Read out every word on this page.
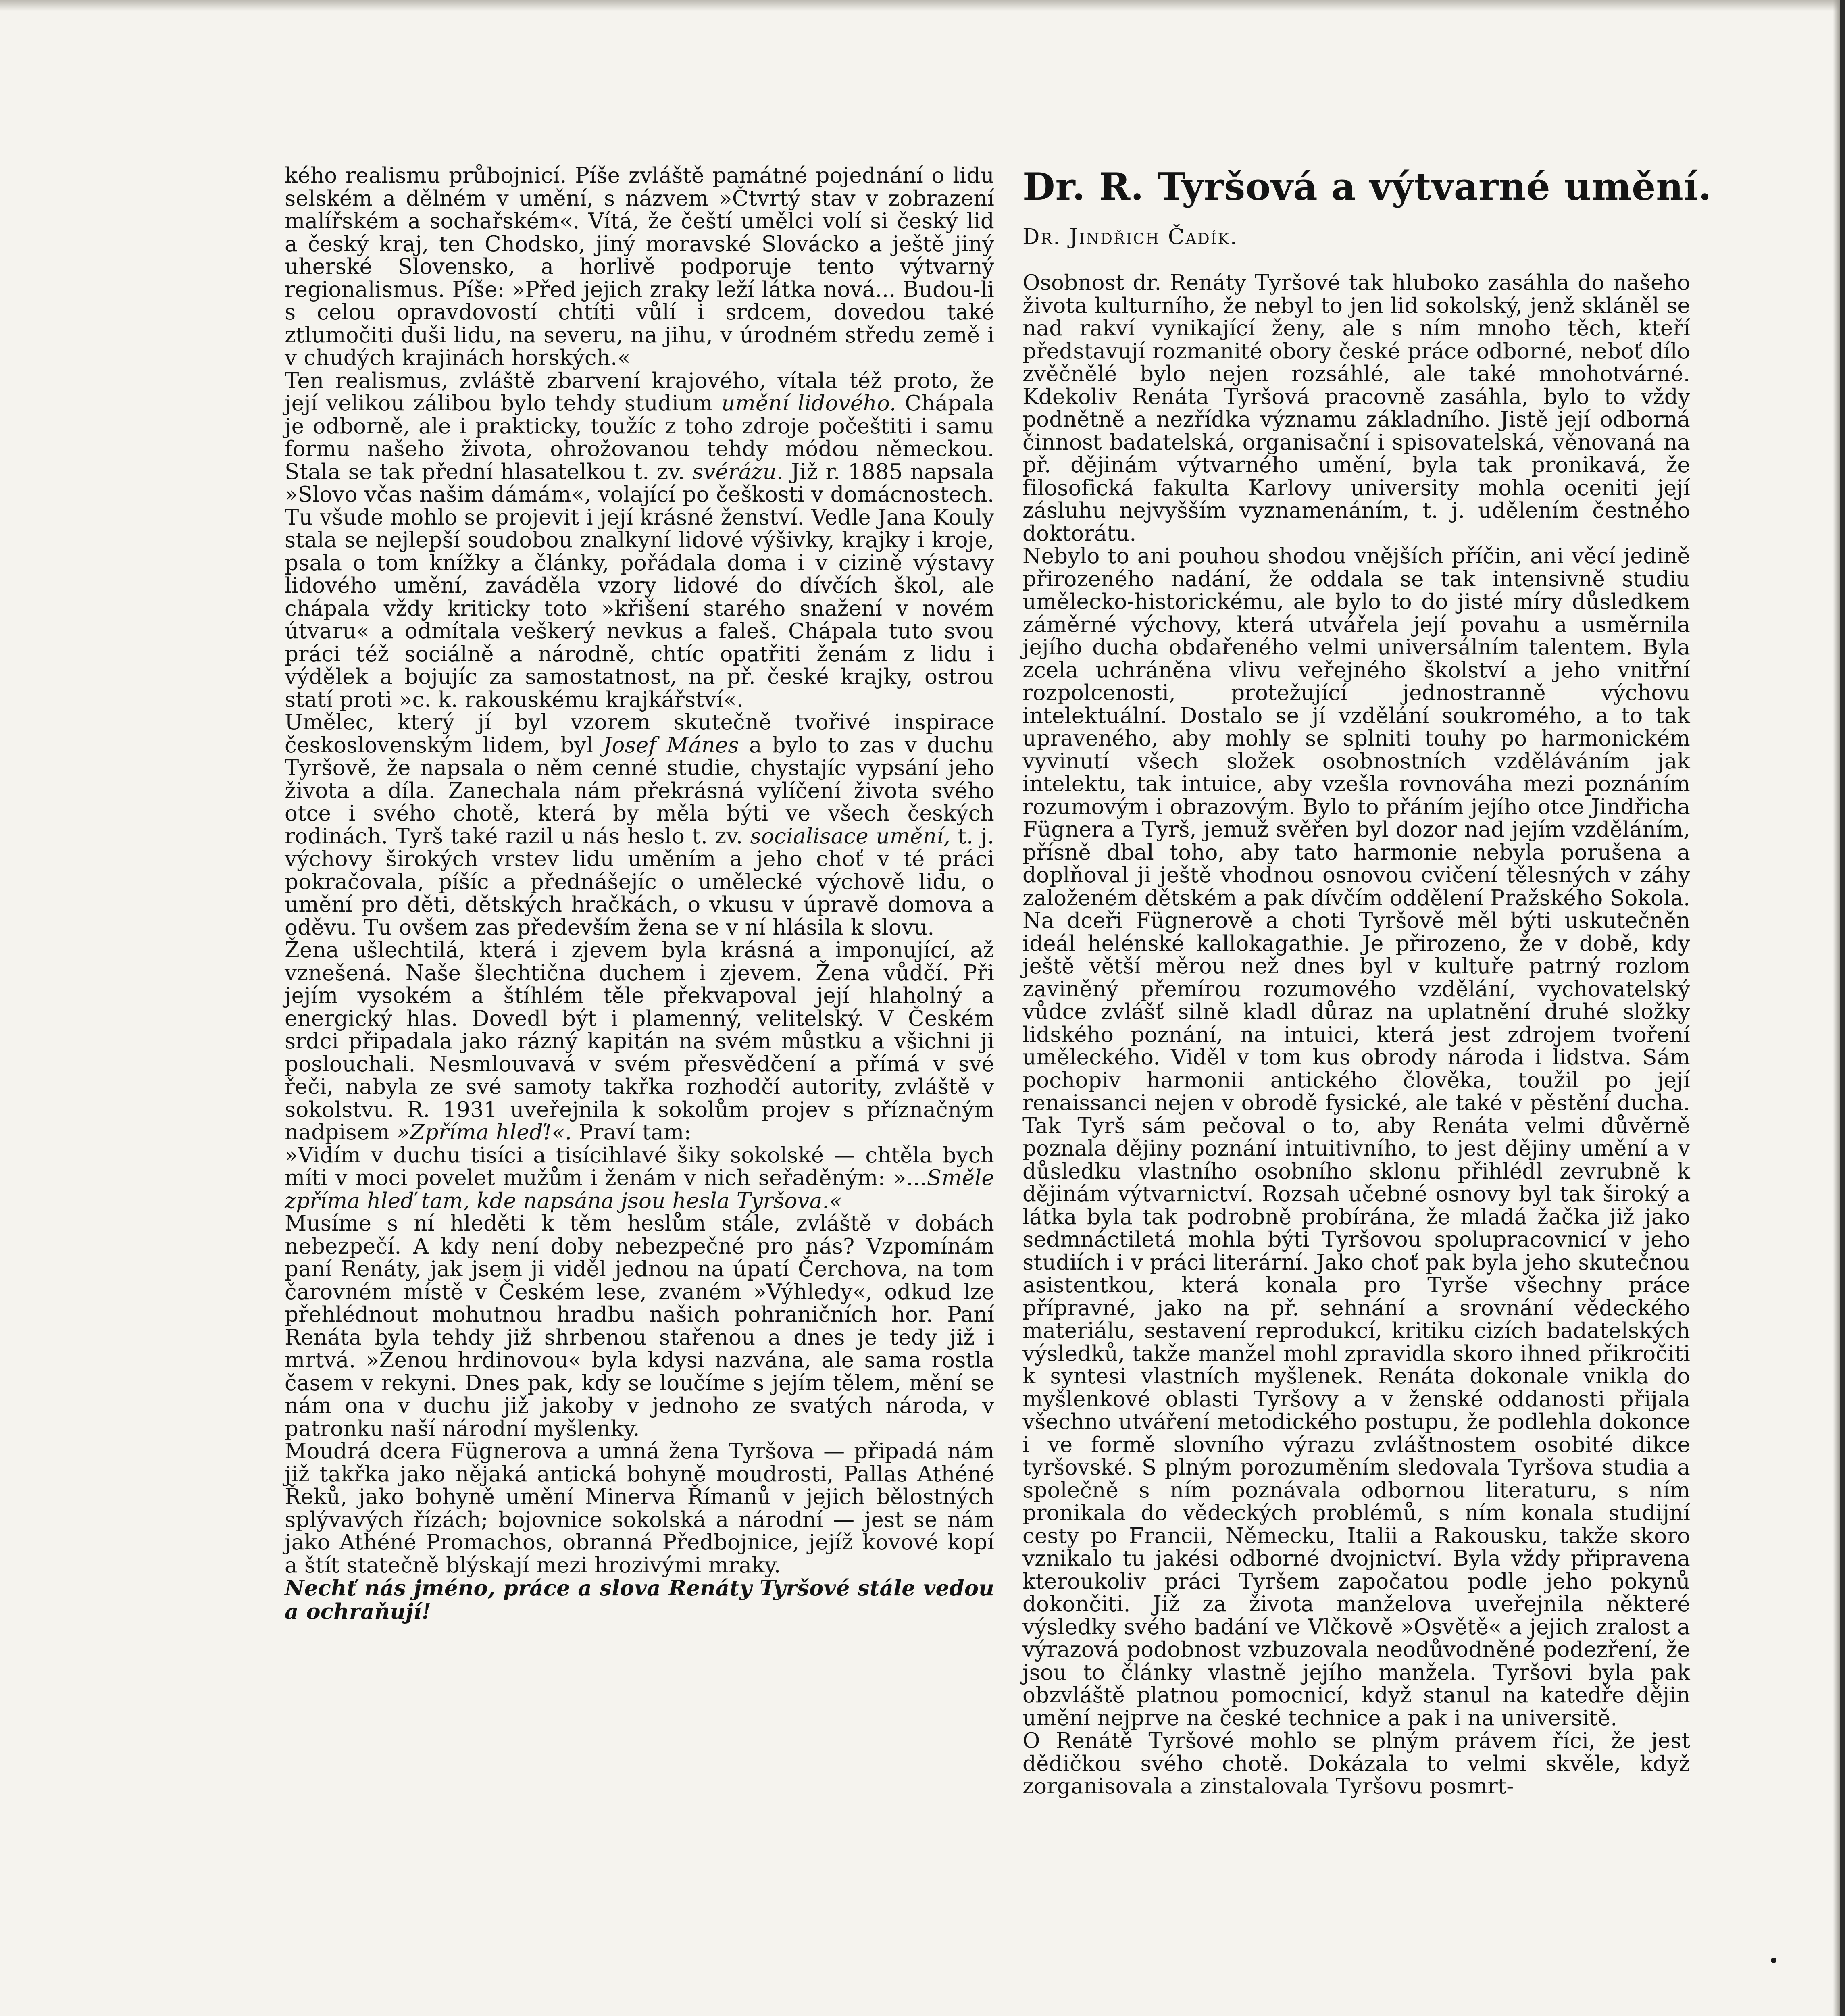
kého realismu průbojnicí. Píše zvláště památné pojednání o lidu selském a dělném v umění, s názvem »Čtvrtý stav v zobrazení malířském a sochařském«. Vítá, že čeští umělci volí si český lid a český kraj, ten Chodsko, jiný moravské Slovácko a ještě jiný uherské Slovensko, a horlivě podporuje tento výtvarný regionalismus. Píše: »Před jejich zraky leží látka nová... Budou-li s celou opravdovostí chtíti vůlí i srdcem, dovedou také ztlumočiti duši lidu, na severu, na jihu, v úrodném středu země i v chudých krajinách horských.«

Ten realismus, zvláště zbarvení krajového, vítala též proto, že její velikou zálibou bylo tehdy studium umění lidového. Chápala je odborně, ale i prakticky, toužíc z toho zdroje počeštiti i samu formu našeho života, ohrožovanou tehdy módou německou. Stala se tak přední hlasatelkou t. zv. svérázu. Již r. 1885 napsala »Slovo včas našim dámám«, volající po češkosti v domácnostech. Tu všude mohlo se projevit i její krásné ženství. Vedle Jana Kouly stala se nejlepší soudobou znalkyní lidové výšivky, krajky i kroje, psala o tom knížky a články, pořádala doma i v cizině výstavy lidového umění, zaváděla vzory lidové do dívčích škol, ale chápala vždy kriticky toto »křišení starého snažení v novém útvaru« a odmítala veškerý nevkus a faleš. Chápala tuto svou práci též sociálně a národně, chtíc opatřiti ženám z lidu i výdělek a bojujíc za samostatnost, na př. české krajky, ostrou statí proti »c. k. rakouskému krajkářství«.

Umělec, který jí byl vzorem skutečně tvořivé inspirace československým lidem, byl Josef Mánes a bylo to zas v duchu Tyršově, že napsala o něm cenné studie, chystajíc vypsání jeho života a díla. Zanechala nám překrásná vylíčení života svého otce i svého chotě, která by měla býti ve všech českých rodinách. Tyrš také razil u nás heslo t. zv. socialisace umění, t. j. výchovy širokých vrstev lidu uměním a jeho choť v té práci pokračovala, píšíc a přednášejíc o umělecké výchově lidu, o umění pro děti, dětských hračkách, o vkusu v úpravě domova a oděvu. Tu ovšem zas především žena se v ní hlásila k slovu.

Žena ušlechtilá, která i zjevem byla krásná a imponující, až vznešená. Naše šlechtična duchem i zjevem. Žena vůdčí. Při jejím vysokém a štíhlém těle překvapoval její hlaholný a energický hlas. Dovedl být i plamenný, velitelský. V Českém srdci připadala jako rázný kapitán na svém můstku a všichni ji poslouchali. Nesmlouvavá v svém přesvědčení a přímá v své řeči, nabyla ze své samoty takřka rozhodčí autority, zvláště v sokolstvu. R. 1931 uveřejnila k sokolům projev s příznačným nadpisem »Zpříma hleď!«. Praví tam:

»Vidím v duchu tisíci a tisícihlavé šiky sokolské — chtěla bych míti v moci povelet mužům i ženám v nich seřaděným: »...Směle zpříma hleď tam, kde napsána jsou hesla Tyršova.«

Musíme s ní hleděti k těm heslům stále, zvláště v dobách nebezpečí. A kdy není doby nebezpečné pro nás? Vzpomínám paní Renáty, jak jsem ji viděl jednou na úpatí Čerchova, na tom čarovném místě v Českém lese, zvaném »Výhledy«, odkud lze přehlédnout mohutnou hradbu našich pohraničních hor. Paní Renáta byla tehdy již shrbenou stařenou a dnes je tedy již i mrtvá. »Ženou hrdinovou« byla kdysi nazvána, ale sama rostla časem v rekyni. Dnes pak, kdy se loučíme s jejím tělem, mění se nám ona v duchu již jakoby v jednoho ze svatých národa, v patronku naší národní myšlenky.

Moudrá dcera Fügnerova a umná žena Tyršova — připadá nám již takřka jako nějaká antická bohyně moudrosti, Pallas Athéné Řeků, jako bohyně umění Minerva Římanů v jejich bělostných splývavých řízách; bojovnice sokolská a národní — jest se nám jako Athéné Promachos, obranná Předbojnice, jejíž kovové kopí a štít statečně blýskají mezi hrozivými mraky.

Nechť nás jméno, práce a slova Renáty Tyršové stále vedou a ochraňují!

Dr. R. Tyršová a výtvarné umění.
Dr. Jindřich Čadík.

Osobnost dr. Renáty Tyršové tak hluboko zasáhla do našeho života kulturního, že nebyl to jen lid sokolský, jenž skláněl se nad rakví vynikající ženy, ale s ním mnoho těch, kteří představují rozmanité obory české práce odborné, neboť dílo zvěčnělé bylo nejen rozsáhlé, ale také mnohotvárné. Kdekoliv Renáta Tyršová pracovně zasáhla, bylo to vždy podnětně a nezřídka významu základního. Jistě její odborná činnost badatelská, organisační i spisovatelská, věnovaná na př. dějinám výtvarného umění, byla tak pronikavá, že filosofická fakulta Karlovy university mohla oceniti její zásluhu nejvyšším vyznamenáním, t. j. udělením čestného doktorátu.

Nebylo to ani pouhou shodou vnějších příčin, ani věcí jedině přirozeného nadání, že oddala se tak intensivně studiu umělecko-historickému, ale bylo to do jisté míry důsledkem záměrné výchovy, která utvářela její povahu a usměrnila jejího ducha obdařeného velmi universálním talentem. Byla zcela uchráněna vlivu veřejného školství a jeho vnitřní rozpolcenosti, protežující jednostranně výchovu intelektuální. Dostalo se jí vzdělání soukromého, a to tak upraveného, aby mohly se splniti touhy po harmonickém vyvinutí všech složek osobnostních vzděláváním jak intelektu, tak intuice, aby vzešla rovnováha mezi poznáním rozumovým i obrazovým. Bylo to přáním jejího otce Jindřicha Fügnera a Tyrš, jemuž svěřen byl dozor nad jejím vzděláním, přísně dbal toho, aby tato harmonie nebyla porušena a doplňoval ji ještě vhodnou osnovou cvičení tělesných v záhy založeném dětském a pak dívčím oddělení Pražského Sokola. Na dceři Fügnerově a choti Tyršově měl býti uskutečněn ideál helénské kallokagathie. Je přirozeno, že v době, kdy ještě větší měrou než dnes byl v kultuře patrný rozlom zaviněný přemírou rozumového vzdělání, vychovatelský vůdce zvlášť silně kladl důraz na uplatnění druhé složky lidského poznání, na intuici, která jest zdrojem tvoření uměleckého. Viděl v tom kus obrody národa i lidstva. Sám pochopiv harmonii antického člověka, toužil po její renaissanci nejen v obrodě fysické, ale také v pěstění ducha. Tak Tyrš sám pečoval o to, aby Renáta velmi důvěrně poznala dějiny poznání intuitivního, to jest dějiny umění a v důsledku vlastního osobního sklonu přihlédl zevrubně k dějinám výtvarnictví. Rozsah učebné osnovy byl tak široký a látka byla tak podrobně probírána, že mladá žačka již jako sedmnáctiletá mohla býti Tyršovou spolupracovnicí v jeho studiích i v práci literární. Jako choť pak byla jeho skutečnou asistentkou, která konala pro Tyrše všechny práce přípravné, jako na př. sehnání a srovnání vědeckého materiálu, sestavení reprodukcí, kritiku cizích badatelských výsledků, takže manžel mohl zpravidla skoro ihned přikročiti k syntesi vlastních myšlenek. Renáta dokonale vnikla do myšlenkové oblasti Tyršovy a v ženské oddanosti přijala všechno utváření metodického postupu, že podlehla dokonce i ve formě slovního výrazu zvláštnostem osobité dikce tyršovské. S plným porozuměním sledovala Tyršova studia a společně s ním poznávala odbornou literaturu, s ním pronikala do vědeckých problémů, s ním konala studijní cesty po Francii, Německu, Italii a Rakousku, takže skoro vznikalo tu jakési odborné dvojnictví. Byla vždy připravena kteroukoliv práci Tyršem započatou podle jeho pokynů dokončiti. Již za života manželova uveřejnila některé výsledky svého badání ve Vlčkově »Osvětě« a jejich zralost a výrazová podobnost vzbuzovala neodůvodněné podezření, že jsou to články vlastně jejího manžela. Tyršovi byla pak obzvláště platnou pomocnicí, když stanul na katedře dějin umění nejprve na české technice a pak i na universitě.

O Renátě Tyršové mohlo se plným právem říci, že jest dědičkou svého chotě. Dokázala to velmi skvěle, když zorganisovala a zinstalovala Tyršovu posmrt-
